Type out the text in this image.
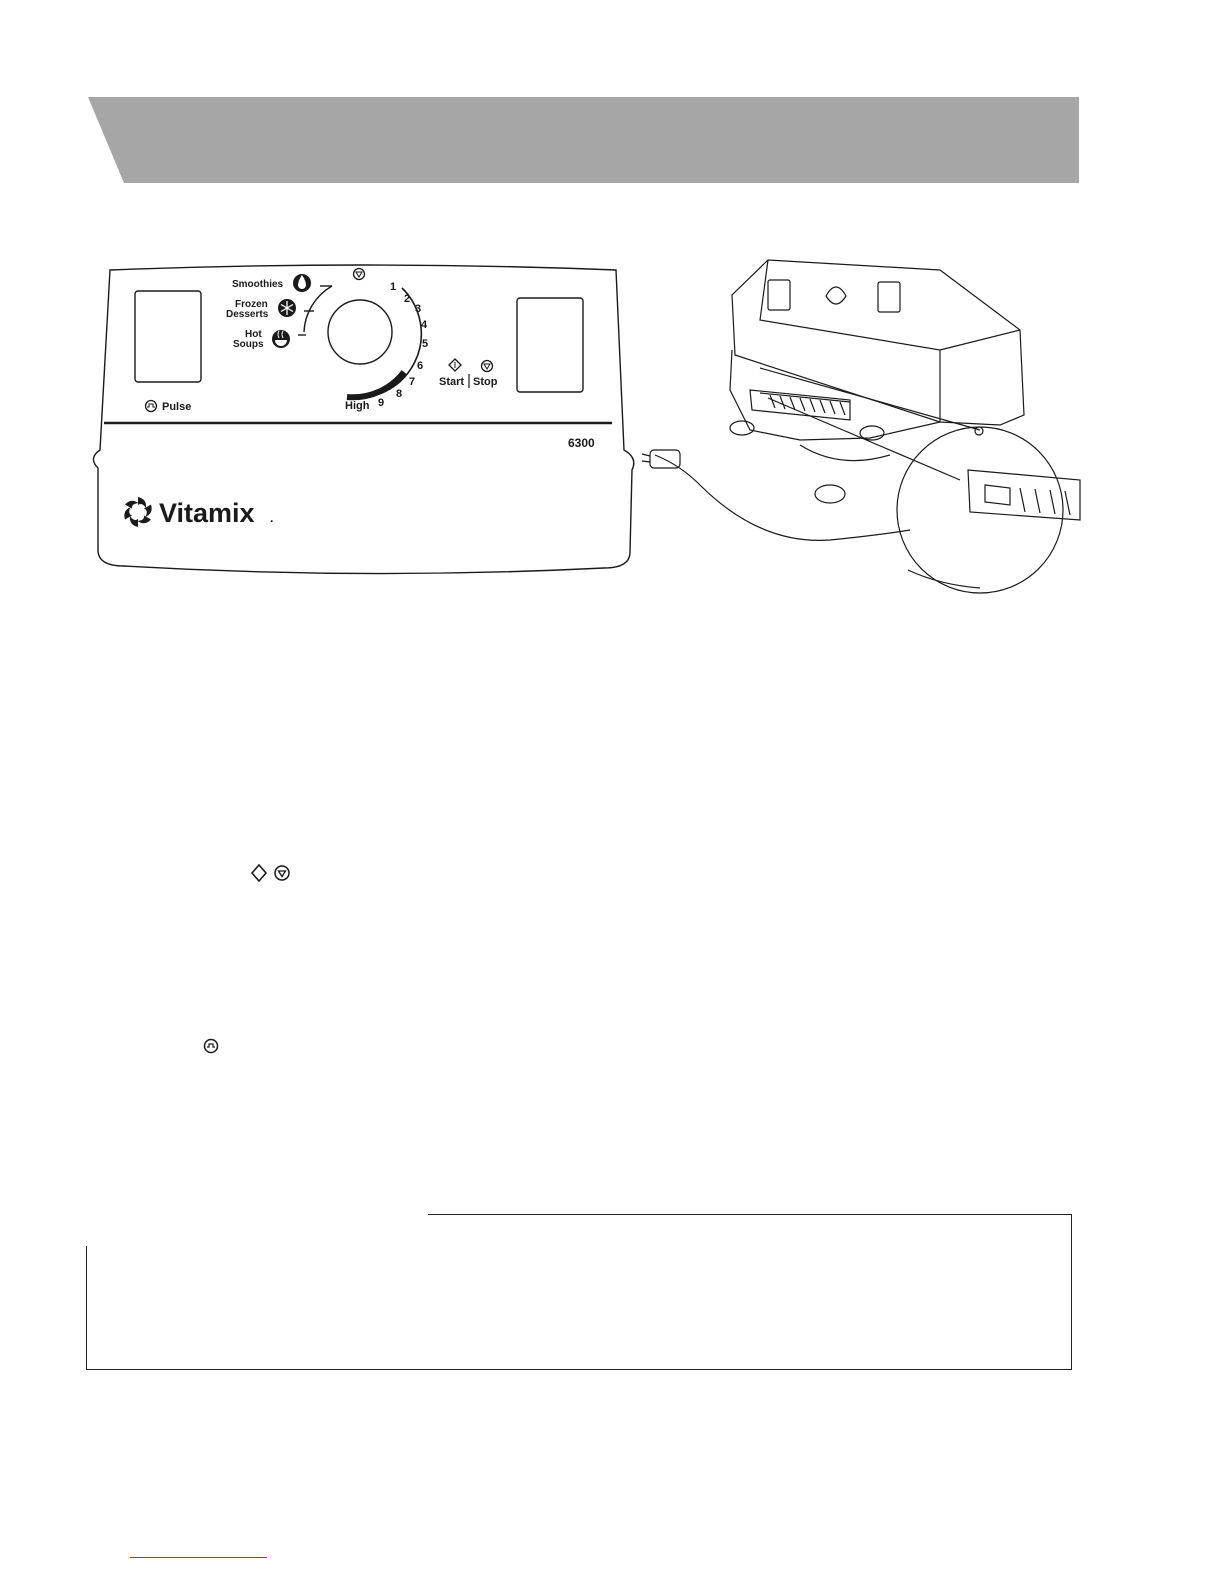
Smoothies
Frozen
Desserts
Hot
Soups
1
2
3
4
5
6
7
8
9
High
Start Stop
Pulse
6300
Vitamix .
